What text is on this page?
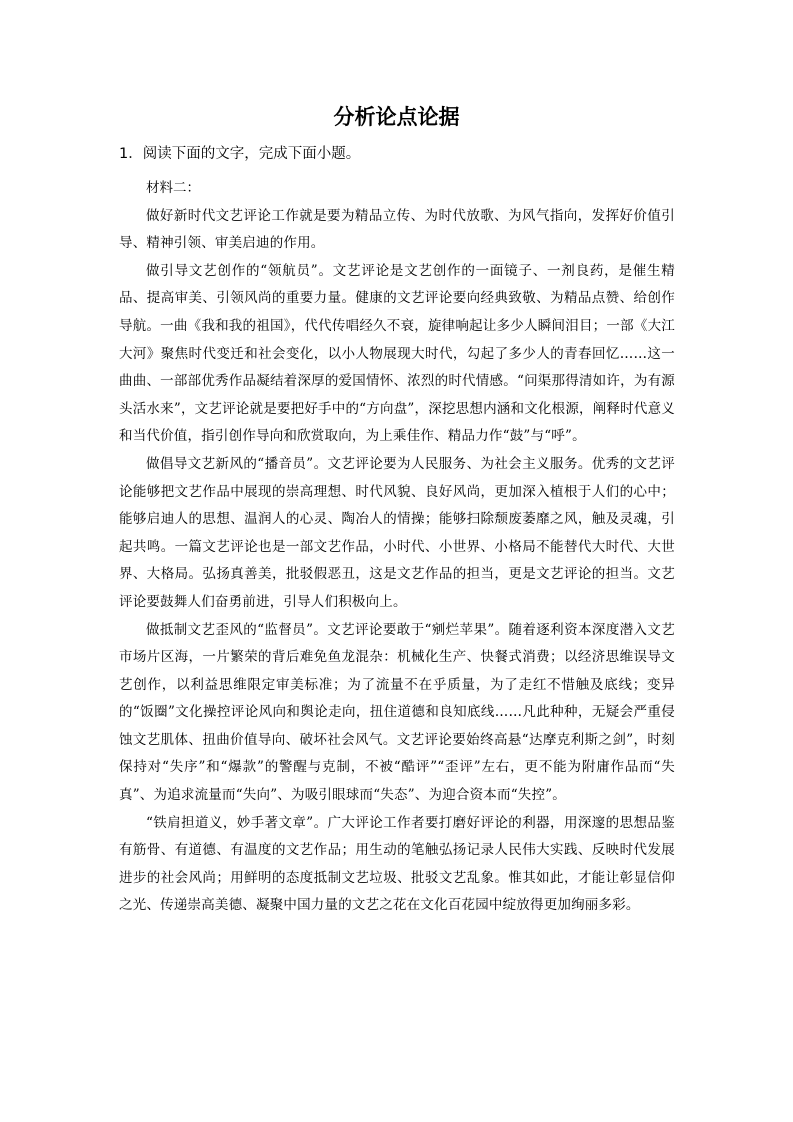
分析论点论据
1．阅读下面的文字，完成下面小题。

材料二：

做好新时代文艺评论工作就是要为精品立传、为时代放歌、为风气指向，发挥好价值引导、精神引领、审美启迪的作用。

做引导文艺创作的“领航员”。文艺评论是文艺创作的一面镜子、一剂良药，是催生精品、提高审美、引领风尚的重要力量。健康的文艺评论要向经典致敬、为精品点赞、给创作导航。一曲《我和我的祖国》，代代传唱经久不衰，旋律响起让多少人瞬间泪目；一部《大江大河》聚焦时代变迁和社会变化，以小人物展现大时代，勾起了多少人的青春回忆……这一曲曲、一部部优秀作品凝结着深厚的爱国情怀、浓烈的时代情感。“问渠那得清如许，为有源头活水来”，文艺评论就是要把好手中的“方向盘”，深挖思想内涵和文化根源，阐释时代意义和当代价值，指引创作导向和欣赏取向，为上乘佳作、精品力作“鼓”与“呼”。

做倡导文艺新风的“播音员”。文艺评论要为人民服务、为社会主义服务。优秀的文艺评论能够把文艺作品中展现的崇高理想、时代风貌、良好风尚，更加深入植根于人们的心中；能够启迪人的思想、温润人的心灵、陶冶人的情操；能够扫除颓废萎靡之风，触及灵魂，引起共鸣。一篇文艺评论也是一部文艺作品，小时代、小世界、小格局不能替代大时代、大世界、大格局。弘扬真善美，批驳假恶丑，这是文艺作品的担当，更是文艺评论的担当。文艺评论要鼓舞人们奋勇前进，引导人们积极向上。

做抵制文艺歪风的“监督员”。文艺评论要敢于“剜烂苹果”。随着逐利资本深度潜入文艺市场片区海，一片繁荣的背后难免鱼龙混杂：机械化生产、快餐式消费；以经济思维误导文艺创作，以利益思维限定审美标准；为了流量不在乎质量，为了走红不惜触及底线；变异的“饭圈”文化操控评论风向和舆论走向，扭住道德和良知底线……凡此种种，无疑会严重侵蚀文艺肌体、扭曲价值导向、破坏社会风气。文艺评论要始终高悬“达摩克利斯之剑”，时刻保持对“失序”和“爆款”的警醒与克制，不被“酷评”“歪评”左右，更不能为附庸作品而“失真”、为追求流量而“失向”、为吸引眼球而“失态”、为迎合资本而“失控”。

“铁肩担道义，妙手著文章”。广大评论工作者要打磨好评论的利器，用深邃的思想品鉴有筋骨、有道德、有温度的文艺作品；用生动的笔触弘扬记录人民伟大实践、反映时代发展进步的社会风尚；用鲜明的态度抵制文艺垃圾、批驳文艺乱象。惟其如此，才能让彰显信仰之光、传递崇高美德、凝聚中国力量的文艺之花在文化百花园中绽放得更加绚丽多彩。
